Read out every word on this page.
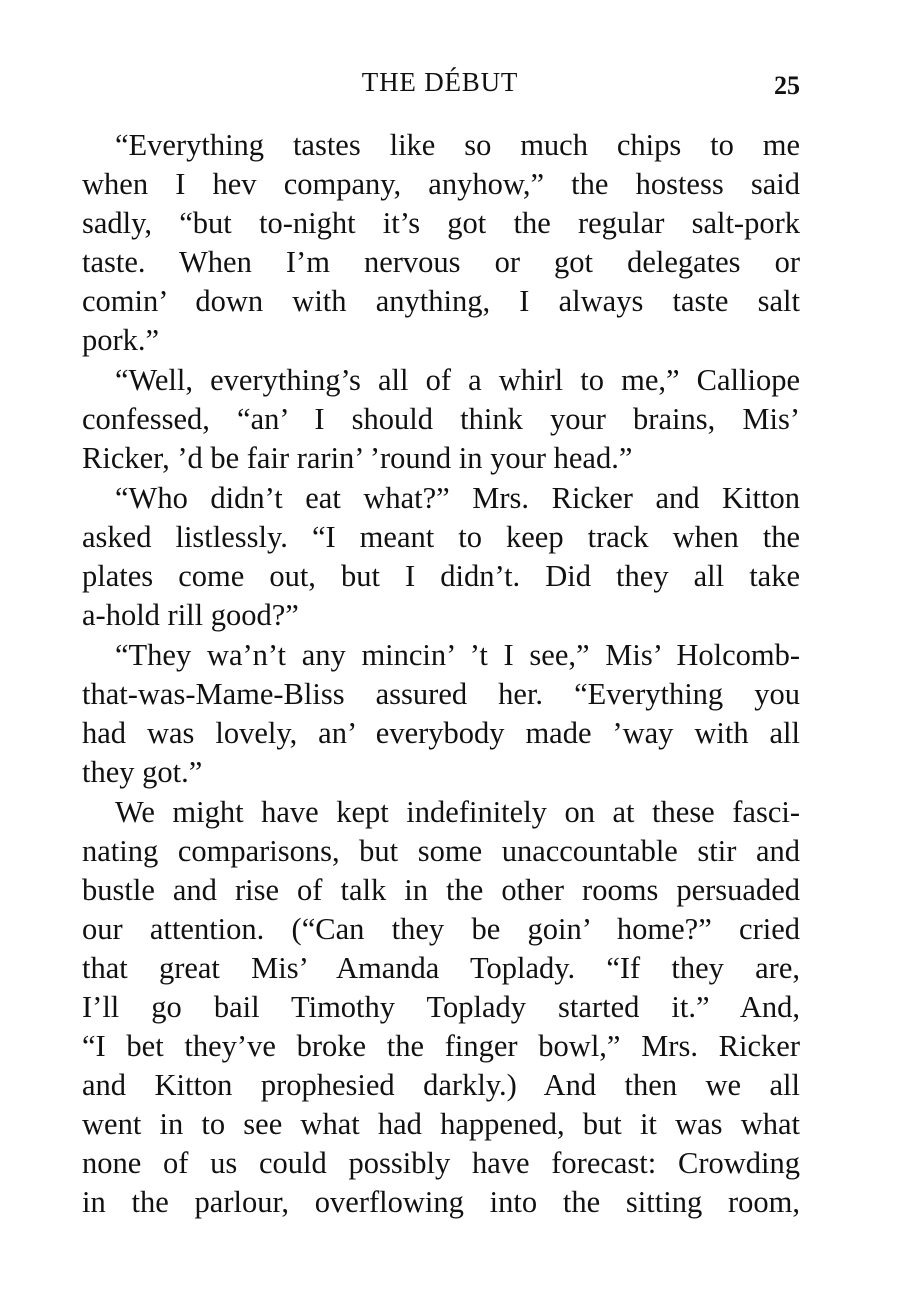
THE DÉBUT	25
“Everything tastes like so much chips to me
when I hev company, anyhow,” the hostess said
sadly, “but to-night it’s got the regular salt-pork
taste. When I’m nervous or got delegates or
comin’ down with anything, I always taste salt
pork.”
“Well, everything’s all of a whirl to me,” Calliope
confessed, “an’ I should think your brains, Mis’
Ricker, ’d be fair rarin’ ’round in your head.”
“Who didn’t eat what?” Mrs. Ricker and Kitton
asked listlessly. “I meant to keep track when the
plates come out, but I didn’t. Did they all take
a-hold rill good?”
“They wa’n’t any mincin’ ’t I see,” Mis’ Holcomb-
that-was-Mame-Bliss assured her. “Everything you
had was lovely, an’ everybody made ’way with all
they got.”
We might have kept indefinitely on at these fasci-
nating comparisons, but some unaccountable stir and
bustle and rise of talk in the other rooms persuaded
our attention. (“Can they be goin’ home?” cried
that great Mis’ Amanda Toplady. “If they are,
I’ll go bail Timothy Toplady started it.” And,
“I bet they’ve broke the finger bowl,” Mrs. Ricker
and Kitton prophesied darkly.) And then we all
went in to see what had happened, but it was what
none of us could possibly have forecast: Crowding
in the parlour, overflowing into the sitting room,
